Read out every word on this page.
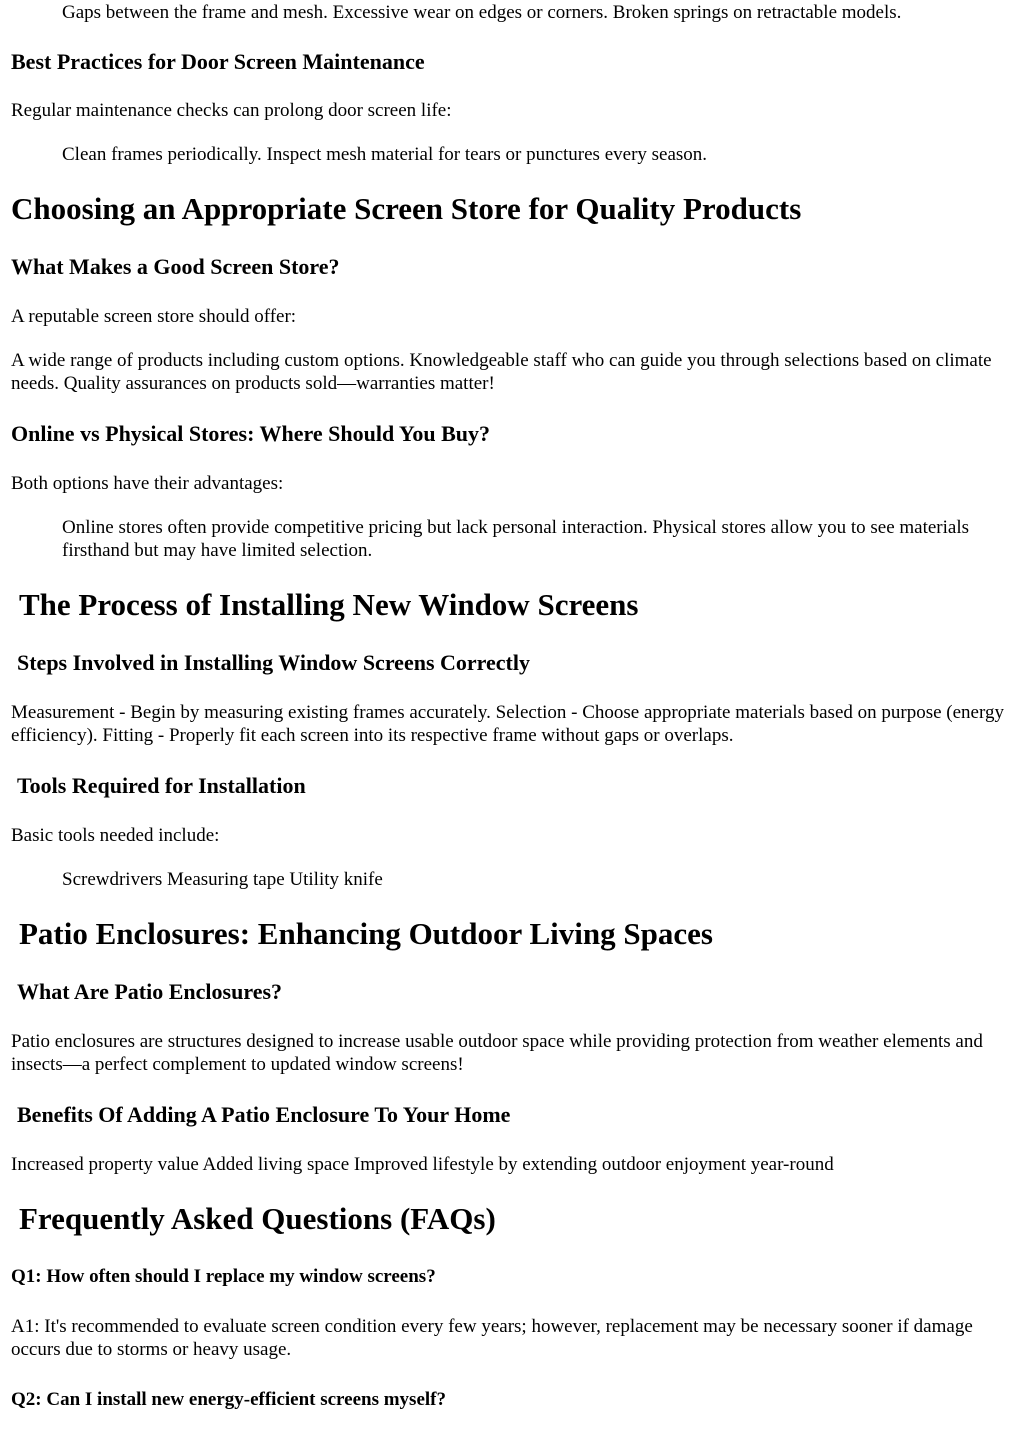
Gaps between the frame and mesh. Excessive wear on edges or corners. Broken springs on retractable models.

Best Practices for Door Screen Maintenance

Regular maintenance checks can prolong door screen life:

Clean frames periodically. Inspect mesh material for tears or punctures every season.

Choosing an Appropriate Screen Store for Quality Products
What Makes a Good Screen Store?

A reputable screen store should offer:

A wide range of products including custom options. Knowledgeable staff who can guide you through selections based on climate needs. Quality assurances on products sold—warranties matter!

Online vs Physical Stores: Where Should You Buy?

Both options have their advantages:

Online stores often provide competitive pricing but lack personal interaction. Physical stores allow you to see materials firsthand but may have limited selection.

The Process of Installing New Window Screens
Steps Involved in Installing Window Screens Correctly

Measurement - Begin by measuring existing frames accurately. Selection - Choose appropriate materials based on purpose (energy efficiency). Fitting - Properly fit each screen into its respective frame without gaps or overlaps.

Tools Required for Installation

Basic tools needed include:

Screwdrivers Measuring tape Utility knife

Patio Enclosures: Enhancing Outdoor Living Spaces
What Are Patio Enclosures?

Patio enclosures are structures designed to increase usable outdoor space while providing protection from weather elements and insects—a perfect complement to updated window screens!

Benefits Of Adding A Patio Enclosure To Your Home

Increased property value Added living space Improved lifestyle by extending outdoor enjoyment year-round

Frequently Asked Questions (FAQs)
Q1: How often should I replace my window screens?

A1: It's recommended to evaluate screen condition every few years; however, replacement may be necessary sooner if damage occurs due to storms or heavy usage.

Q2: Can I install new energy-efficient screens myself?
